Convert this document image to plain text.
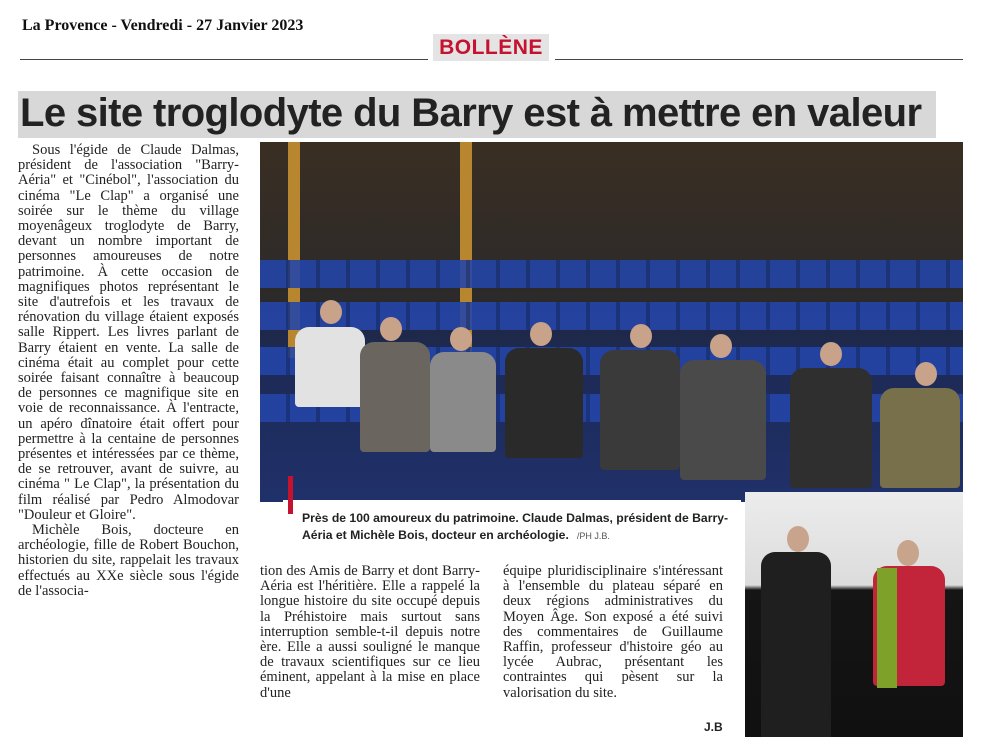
La Provence - Vendredi - 27 Janvier 2023
BOLLÈNE
Le site troglodyte du Barry est à mettre en valeur

Sous l'égide de Claude Dalmas, président de l'association "Barry-Aéria" et "Cinébol", l'association du cinéma "Le Clap" a organisé une soirée sur le thème du village moyenâgeux troglodyte de Barry, devant un nombre important de personnes amoureuses de notre patrimoine. À cette occasion de magnifiques photos représentant le site d'autrefois et les travaux de rénovation du village étaient exposés salle Rippert. Les livres parlant de Barry étaient en vente. La salle de cinéma était au complet pour cette soirée faisant connaître à beaucoup de personnes ce magnifique site en voie de reconnaissance. À l'entracte, un apéro dînatoire était offert pour permettre à la centaine de personnes présentes et intéressées par ce thème, de se retrouver, avant de suivre, au cinéma " Le Clap", la présentation du film réalisé par Pedro Almodovar "Douleur et Gloire".

Michèle Bois, docteure en archéologie, fille de Robert Bouchon, historien du site, rappelait les travaux effectués au XXe siècle sous l'égide de l'associa-

Près de 100 amoureux du patrimoine. Claude Dalmas, président de Barry-Aéria et Michèle Bois, docteur en archéologie. /PH J.B.

tion des Amis de Barry et dont Barry-Aéria est l'héritière. Elle a rappelé la longue histoire du site occupé depuis la Préhistoire mais surtout sans interruption semble-t-il depuis notre ère. Elle a aussi souligné le manque de travaux scientifiques sur ce lieu éminent, appelant à la mise en place d'une

équipe pluridisciplinaire s'intéressant à l'ensemble du plateau séparé en deux régions administratives du Moyen Âge. Son exposé a été suivi des commentaires de Guillaume Raffin, professeur d'histoire géo au lycée Aubrac, présentant les contraintes qui pèsent sur la valorisation du site.

J.B
